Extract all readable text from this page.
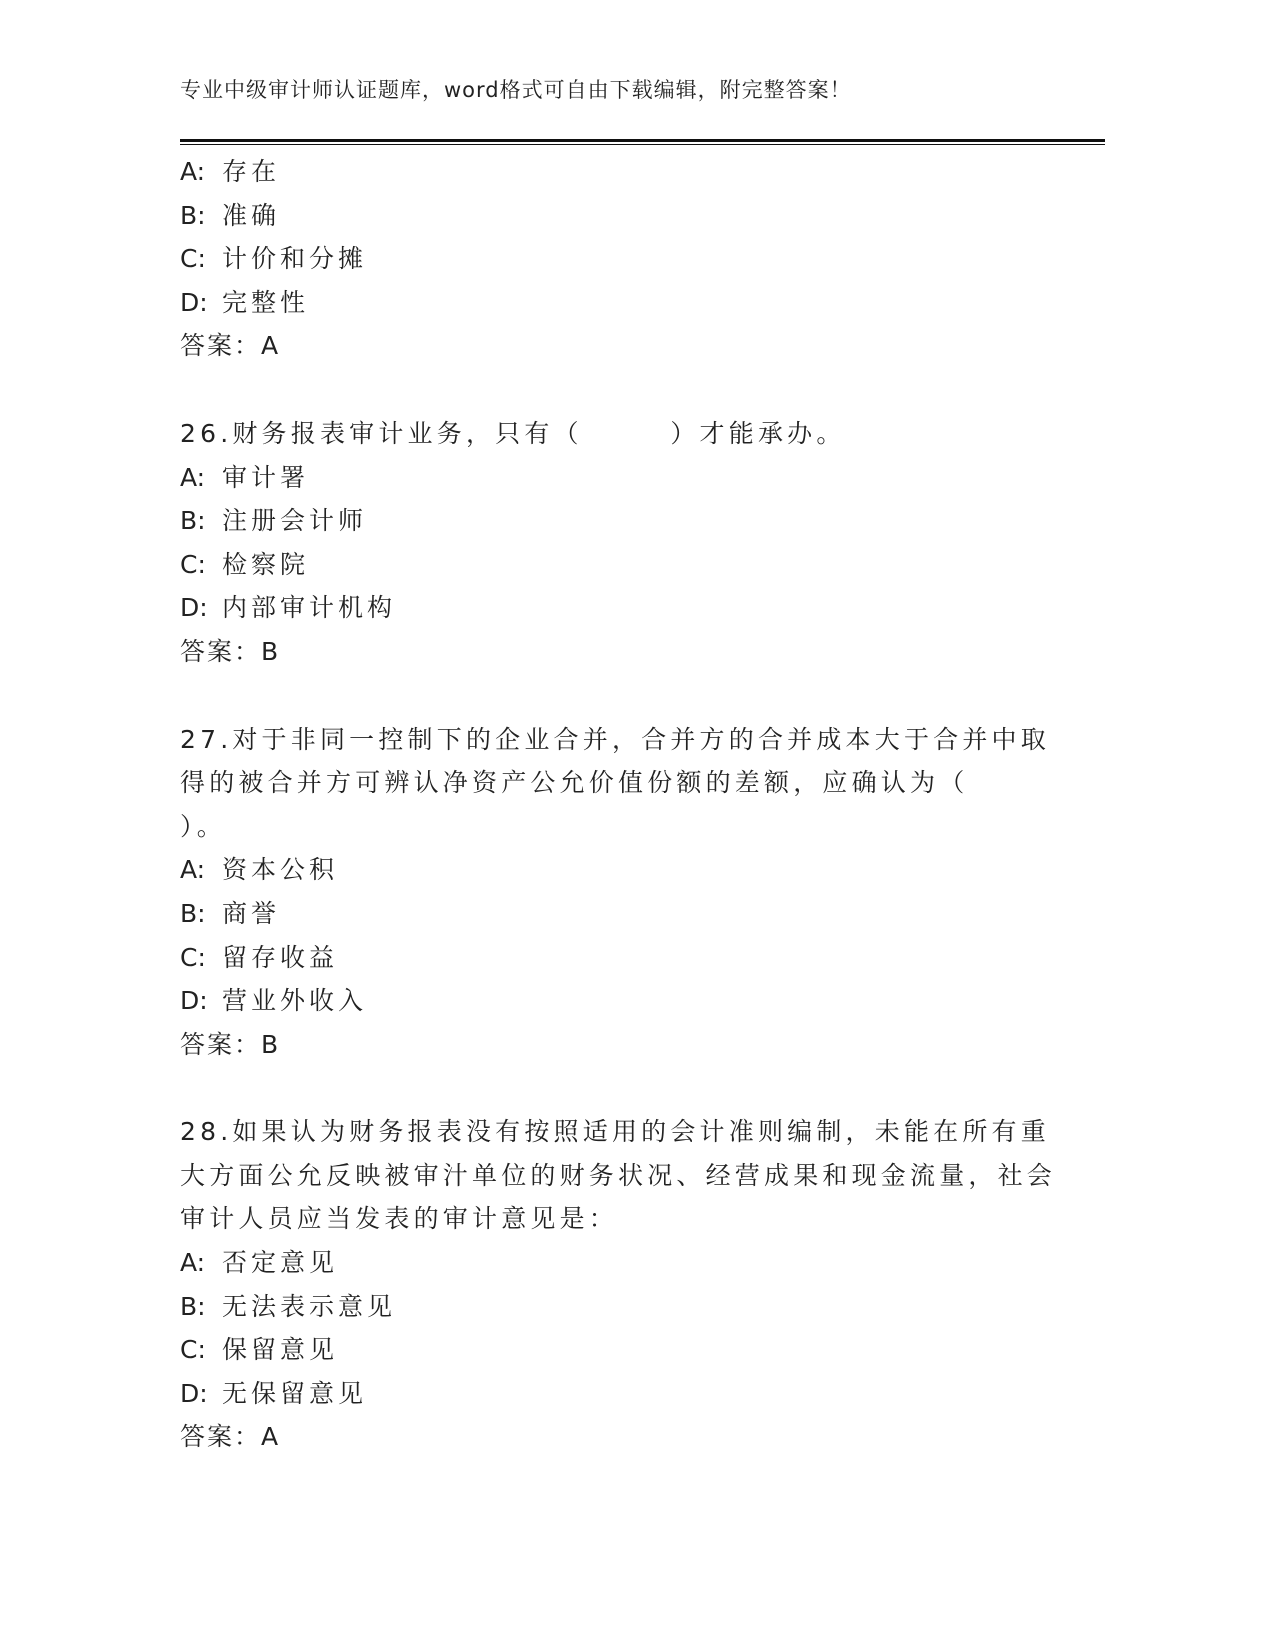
专业中级审计师认证题库，word格式可自由下载编辑，附完整答案！
A: 存在
B: 准确
C: 计价和分摊
D: 完整性
答案：A
26.财务报表审计业务，只有（　　　）才能承办。
A: 审计署
B: 注册会计师
C: 检察院
D: 内部审计机构
答案：B
27.对于非同一控制下的企业合并，合并方的合并成本大于合并中取得的被合并方可辨认净资产公允价值份额的差额，应确认为（　　）。
A: 资本公积
B: 商誉
C: 留存收益
D: 营业外收入
答案：B
28.如果认为财务报表没有按照适用的会计准则编制，未能在所有重大方面公允反映被审汁单位的财务状况、经营成果和现金流量，社会审计人员应当发表的审计意见是：
A: 否定意见
B: 无法表示意见
C: 保留意见
D: 无保留意见
答案：A
